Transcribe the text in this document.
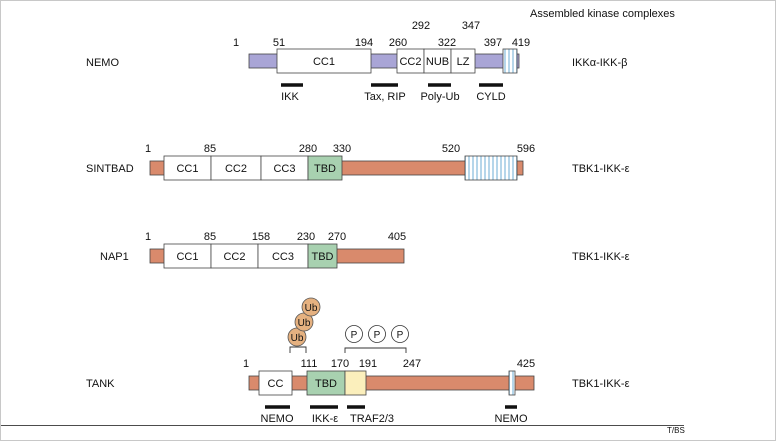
Assembled kinase complexes
T/BS
NEMO	IKKα-IKK-β
CC1	CC2 NUB LZ
1	51	194 260
292
322
347
397 419
IKK	Tax, RIP Poly-Ub CYLD
SINTBAD	TBK1-IKK-ε
CC1 CC2 CC3 TBD
1	85	280 330	520	596
NAP1	TBK1-IKK-ε
CC1 CC2 CC3 TBD
1	85	158 230 270	405
TANK	TBK1-IKK-ε
CC	TBD
1	111 170 191 247	425
Ub
Ub
Ub
P P P
NEMO IKK-ε TRAF2/3	NEMO
